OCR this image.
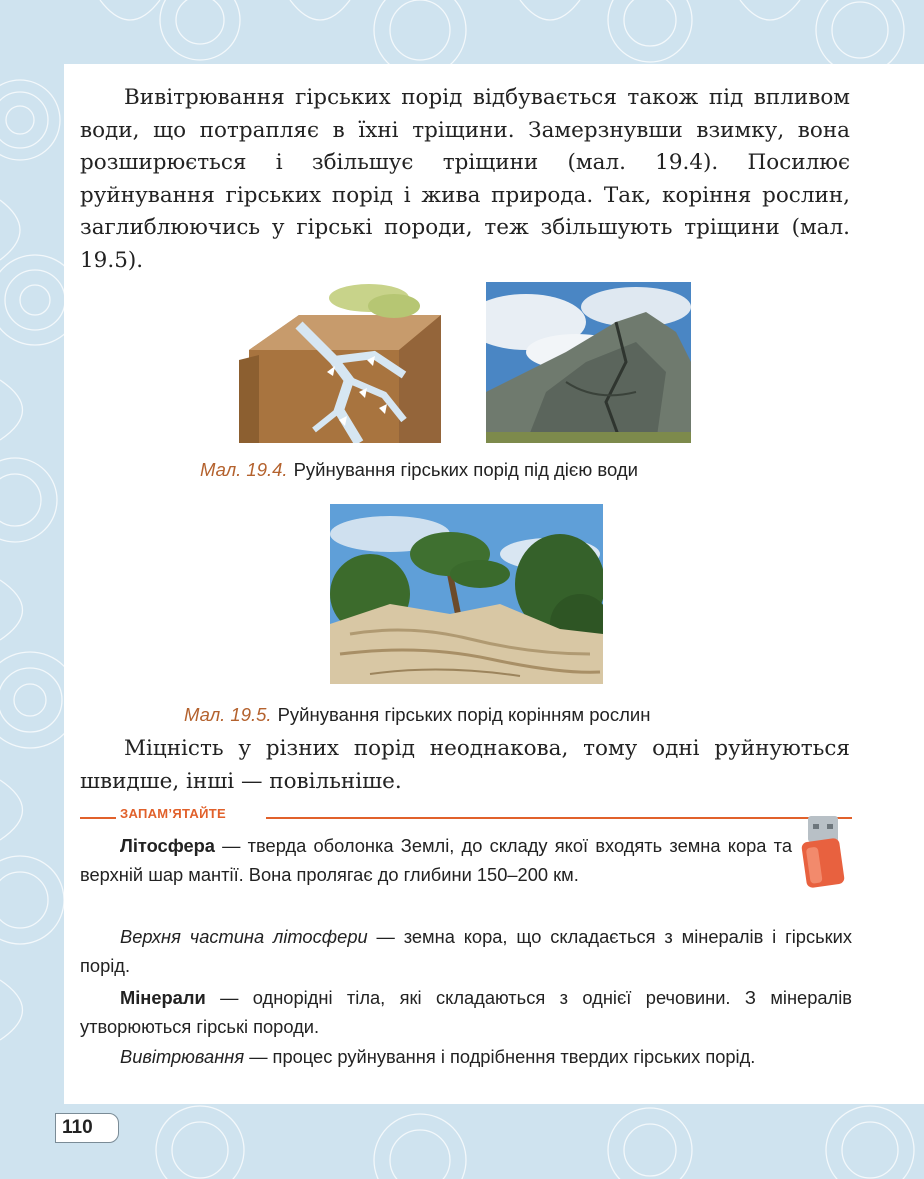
Вивітрювання гірських порід відбувається також під впливом води, що потрапляє в їхні тріщини. Замерзнувши взимку, вона розширюється і збільшує тріщини (мал. 19.4). Посилює руйнування гірських порід і жива природа. Так, коріння рослин, заглиблюючись у гірські породи, теж збільшують тріщини (мал. 19.5).

Мал. 19.4. Руйнування гірських порід під дією води
Мал. 19.5. Руйнування гірських порід корінням рослин

Міцність у різних порід неоднакова, тому одні руйнуються швидше, інші — повільніше.

ЗАПАМ’ЯТАЙТЕ

Літосфера — тверда оболонка Землі, до складу якої входять земна кора та верхній шар мантії. Вона пролягає до глибини 150–200 км.

Верхня частина літосфери — земна кора, що складається з мінералів і гірських порід.

Мінерали — однорідні тіла, які складаються з однієї речовини. З мінералів утворюються гірські породи.

Вивітрювання — процес руйнування і подрібнення твердих гірських порід.

110
